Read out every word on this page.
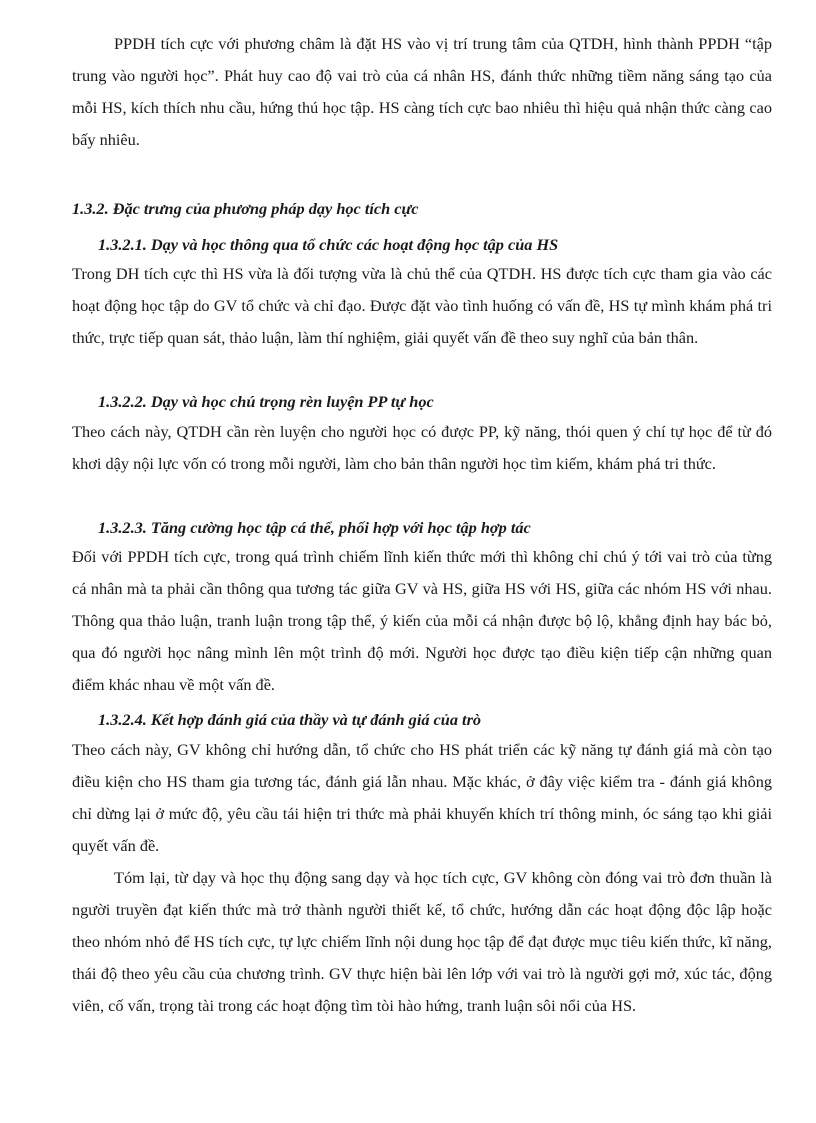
PPDH tích cực với phương châm là đặt HS vào vị trí trung tâm của QTDH, hình thành PPDH “tập trung vào người học”. Phát huy cao độ vai trò của cá nhân HS, đánh thức những tiềm năng sáng tạo của mỗi HS, kích thích nhu cầu, hứng thú học tập. HS càng tích cực bao nhiêu thì hiệu quả nhận thức càng cao bấy nhiêu.

1.3.2. Đặc trưng của phương pháp dạy học tích cực
1.3.2.1. Dạy và học thông qua tổ chức các hoạt động học tập của HS

Trong DH tích cực thì HS vừa là đối tượng vừa là chủ thể của QTDH. HS được tích cực tham gia vào các hoạt động học tập do GV tổ chức và chỉ đạo. Được đặt vào tình huống có vấn đề, HS tự mình khám phá tri thức, trực tiếp quan sát, thảo luận, làm thí nghiệm, giải quyết vấn đề theo suy nghĩ của bản thân.

1.3.2.2. Dạy và học chú trọng rèn luyện PP tự học

Theo cách này, QTDH cần rèn luyện cho người học có được PP, kỹ năng, thói quen ý chí tự học để từ đó khơi dậy nội lực vốn có trong mỗi người, làm cho bản thân người học tìm kiếm, khám phá tri thức.

1.3.2.3. Tăng cường học tập cá thể, phối hợp với học tập hợp tác

Đối với PPDH tích cực, trong quá trình chiếm lĩnh kiến thức mới thì không chỉ chú ý tới vai trò của từng cá nhân mà ta phải cần thông qua tương tác giữa GV và HS, giữa HS với HS, giữa các nhóm HS với nhau. Thông qua thảo luận, tranh luận trong tập thể, ý kiến của mỗi cá nhận được bộ lộ, khẳng định hay bác bỏ, qua đó người học nâng mình lên một trình độ mới. Người học được tạo điều kiện tiếp cận những quan điểm khác nhau về một vấn đề.

1.3.2.4. Kết hợp đánh giá của thầy và tự đánh giá của trò

Theo cách này, GV không chỉ hướng dẫn, tổ chức cho HS phát triển các kỹ năng tự đánh giá mà còn tạo điều kiện cho HS tham gia tương tác, đánh giá lẫn nhau. Mặc khác, ở đây việc kiểm tra - đánh giá không chỉ dừng lại ở mức độ, yêu cầu tái hiện tri thức mà phải khuyến khích trí thông minh, óc sáng tạo khi giải quyết vấn đề.

Tóm lại, từ dạy và học thụ động sang dạy và học tích cực, GV không còn đóng vai trò đơn thuần là người truyền đạt kiến thức mà trở thành người thiết kế, tổ chức, hướng dẫn các hoạt động độc lập hoặc theo nhóm nhỏ để HS tích cực, tự lực chiếm lĩnh nội dung học tập để đạt được mục tiêu kiến thức, kĩ năng, thái độ theo yêu cầu của chương trình. GV thực hiện bài lên lớp với vai trò là người gợi mở, xúc tác, động viên, cố vấn, trọng tài trong các hoạt động tìm tòi hào hứng, tranh luận sôi nổi của HS.
